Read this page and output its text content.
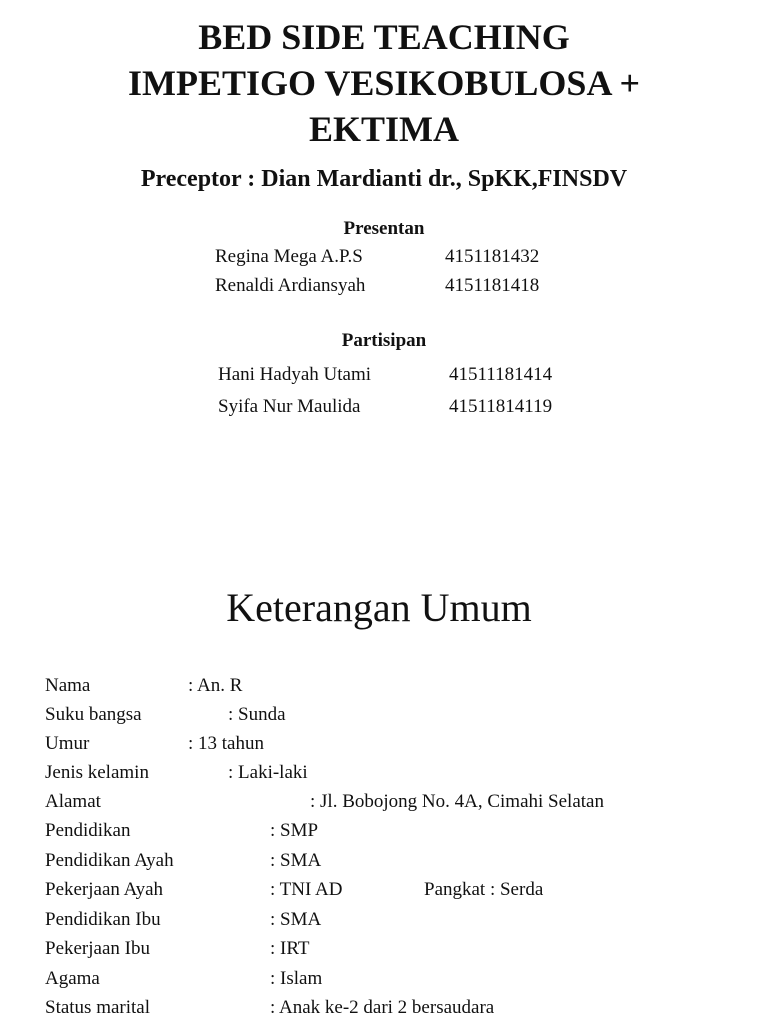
BED SIDE TEACHING
IMPETIGO VESIKOBULOSA +
EKTIMA
Preceptor : Dian Mardianti dr., SpKK,FINSDV
Presentan
Regina Mega A.P.S	4151181432
Renaldi Ardiansyah	4151181418
Partisipan
Hani Hadyah Utami	41511181414
Syifa Nur Maulida	41511814119
Keterangan Umum
Nama	: An. R
Suku bangsa	: Sunda
Umur	: 13 tahun
Jenis kelamin	: Laki-laki
Alamat	: Jl. Bobojong No. 4A, Cimahi Selatan
Pendidikan	: SMP
Pendidikan Ayah	: SMA
Pekerjaan Ayah	: TNI AD	Pangkat : Serda
Pendidikan Ibu	: SMA
Pekerjaan Ibu	: IRT
Agama	: Islam
Status marital	: Anak ke-2 dari 2 bersaudara
